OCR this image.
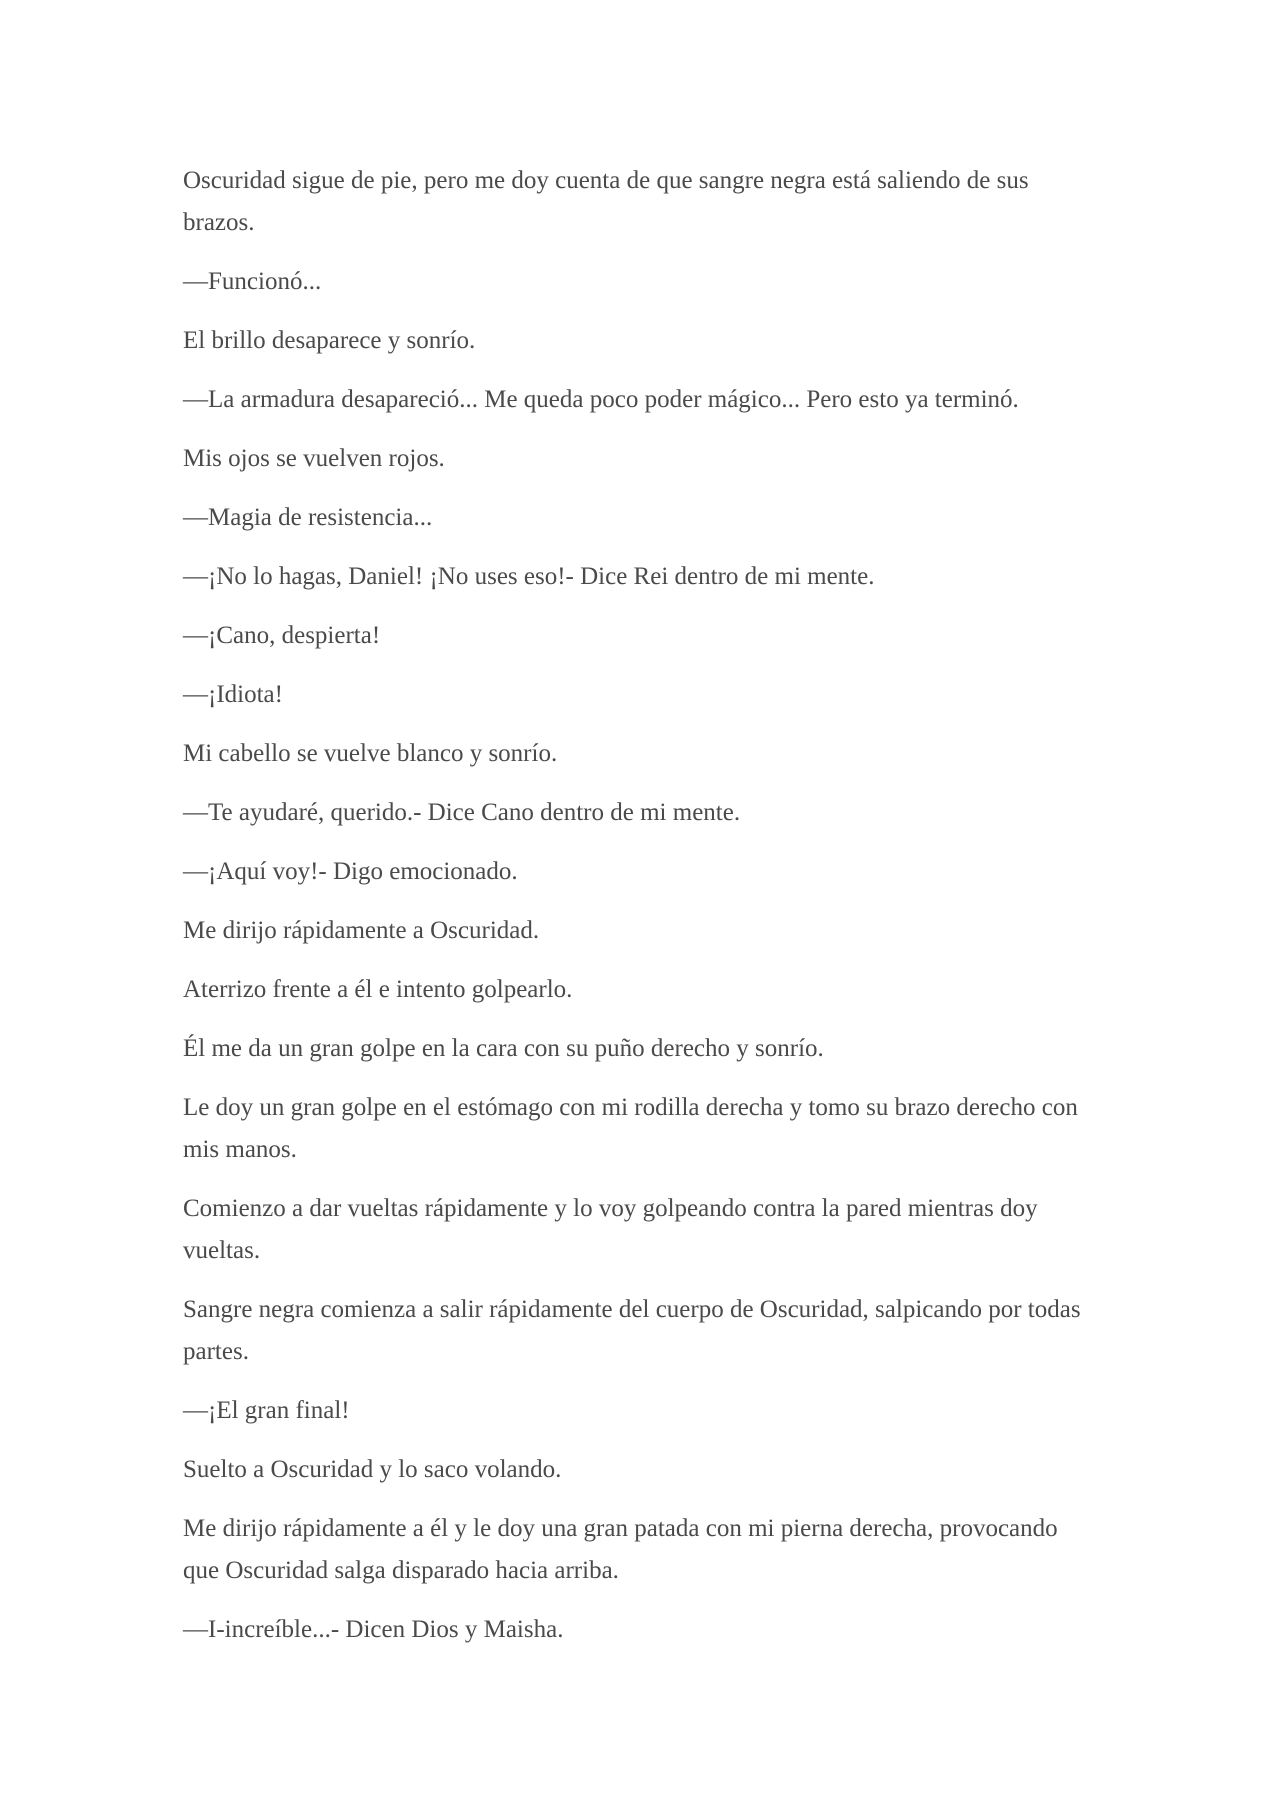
Oscuridad sigue de pie, pero me doy cuenta de que sangre negra está saliendo de sus brazos.

—Funcionó...

El brillo desaparece y sonrío.

—La armadura desapareció... Me queda poco poder mágico... Pero esto ya terminó.

Mis ojos se vuelven rojos.

—Magia de resistencia...

—¡No lo hagas, Daniel! ¡No uses eso!- Dice Rei dentro de mi mente.

—¡Cano, despierta!

—¡Idiota!

Mi cabello se vuelve blanco y sonrío.

—Te ayudaré, querido.- Dice Cano dentro de mi mente.

—¡Aquí voy!- Digo emocionado.

Me dirijo rápidamente a Oscuridad.

Aterrizo frente a él e intento golpearlo.

Él me da un gran golpe en la cara con su puño derecho y sonrío.

Le doy un gran golpe en el estómago con mi rodilla derecha y tomo su brazo derecho con mis manos.

Comienzo a dar vueltas rápidamente y lo voy golpeando contra la pared mientras doy vueltas.

Sangre negra comienza a salir rápidamente del cuerpo de Oscuridad, salpicando por todas partes.

—¡El gran final!

Suelto a Oscuridad y lo saco volando.

Me dirijo rápidamente a él y le doy una gran patada con mi pierna derecha, provocando que Oscuridad salga disparado hacia arriba.

—I-increíble...- Dicen Dios y Maisha.
